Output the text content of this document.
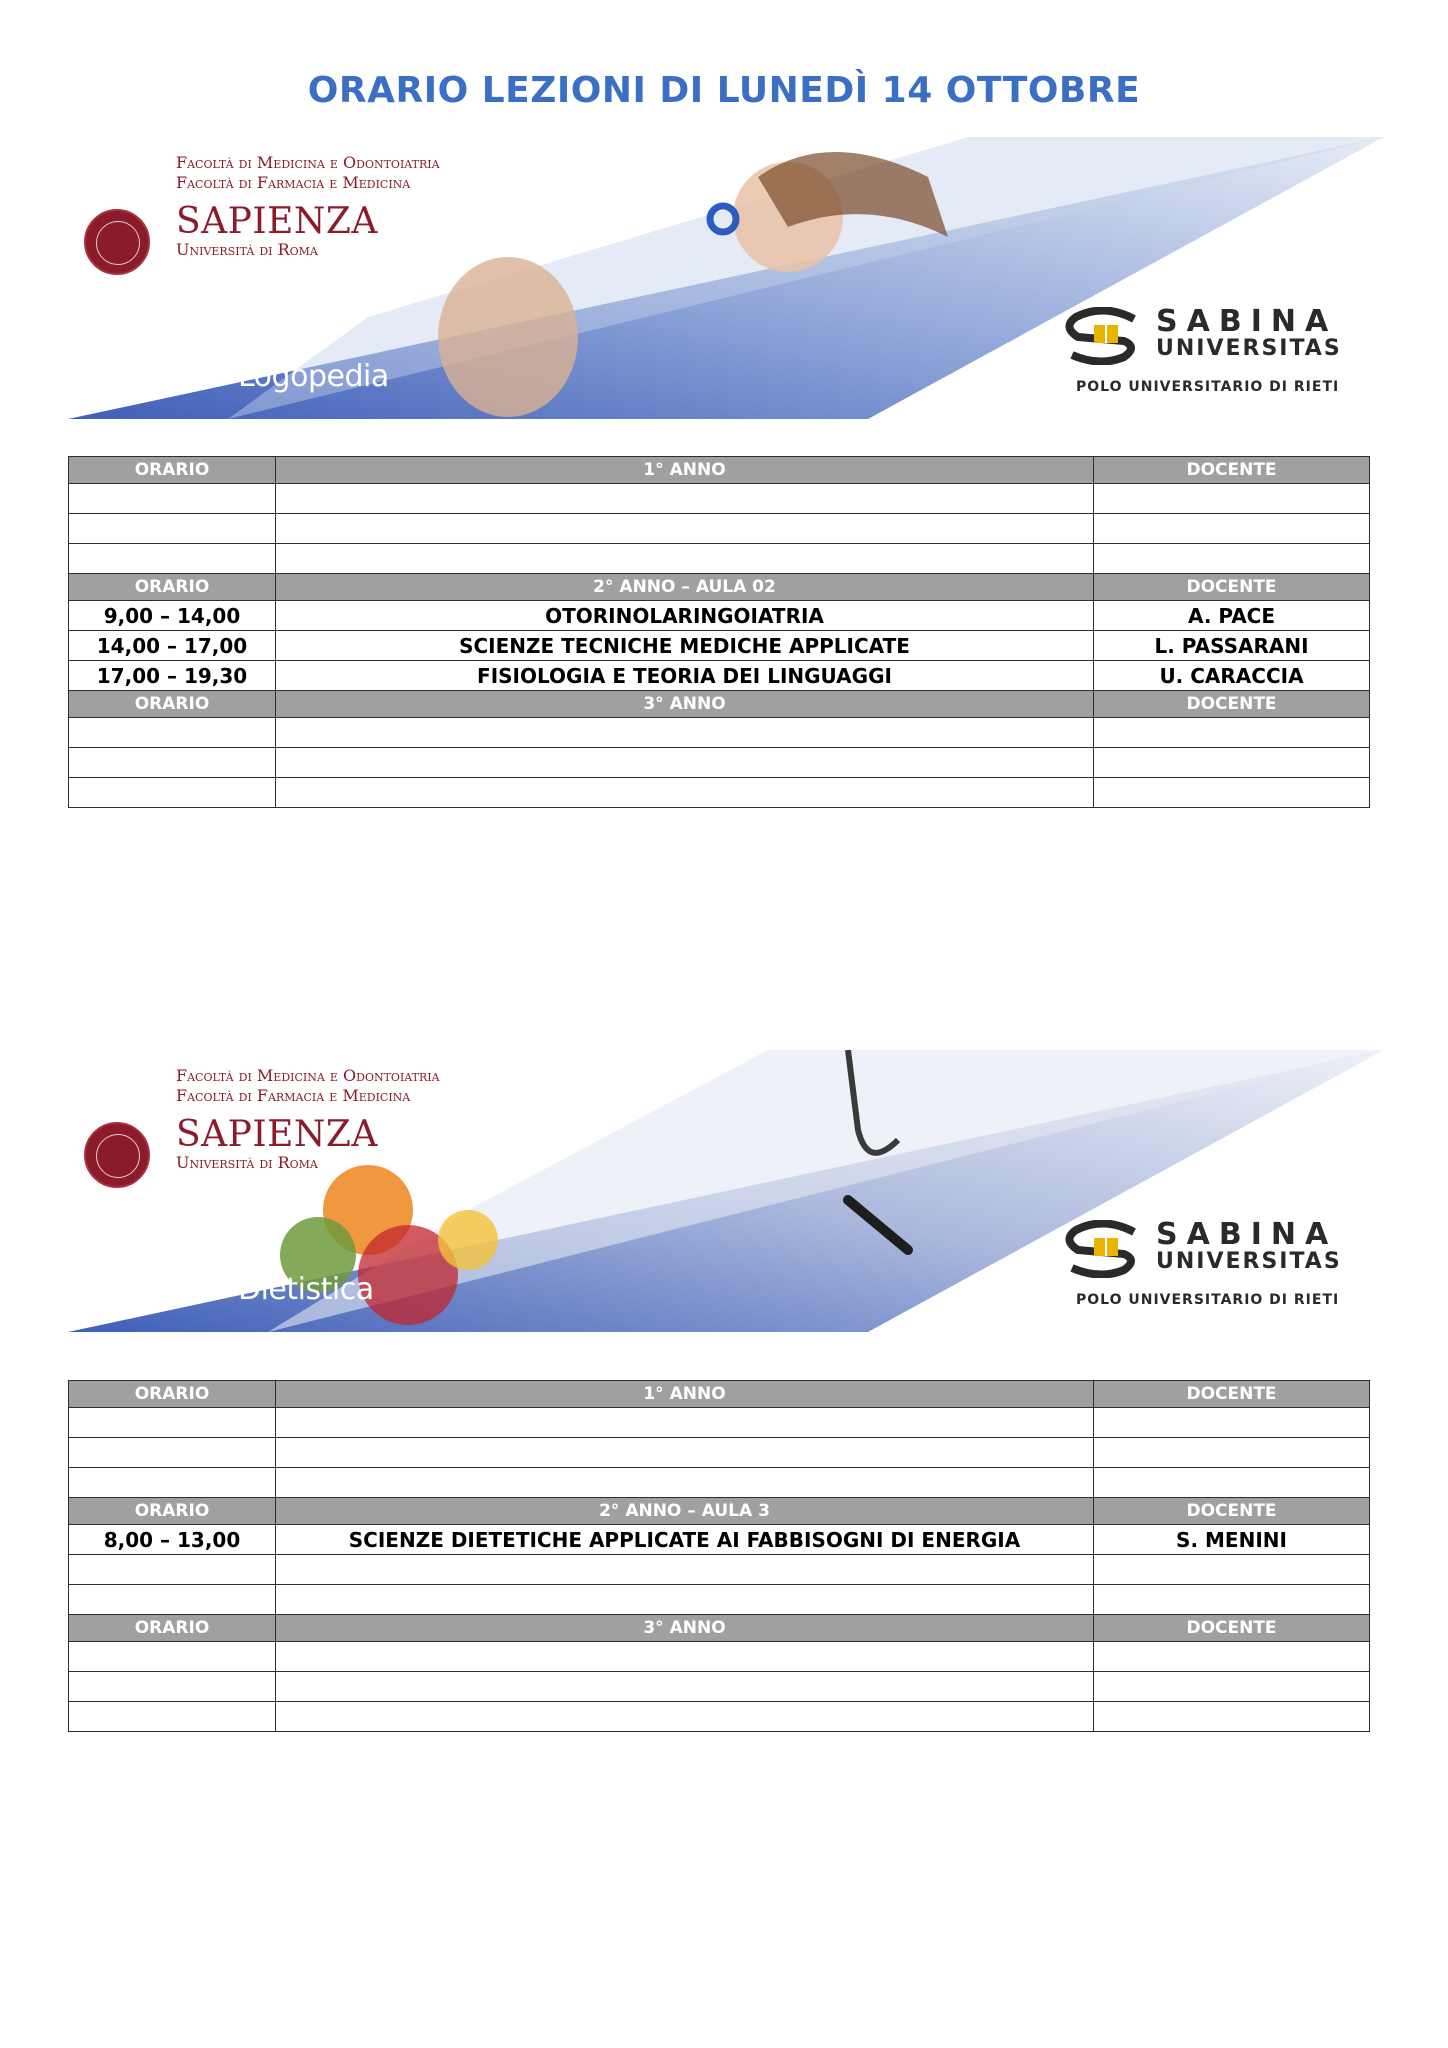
ORARIO LEZIONI DI LUNEDÌ 14 OTTOBRE
Facoltà di Medicina e Odontoiatria
Facoltà di Farmacia e Medicina
SAPIENZA
Università di Roma
Logopedia
SABINA
UNIVERSITAS
POLO UNIVERSITARIO DI RIETI
ORARIO	1° ANNO	DOCENTE

ORARIO	2° ANNO – AULA 02	DOCENTE
9,00 – 14,00	OTORINOLARINGOIATRIA	A. PACE
14,00 – 17,00	SCIENZE TECNICHE MEDICHE APPLICATE	L. PASSARANI
17,00 – 19,30	FISIOLOGIA E TEORIA DEI LINGUAGGI	U. CARACCIA
ORARIO	3° ANNO	DOCENTE

Facoltà di Medicina e Odontoiatria
Facoltà di Farmacia e Medicina
SAPIENZA
Università di Roma
Dietistica
SABINA
UNIVERSITAS
POLO UNIVERSITARIO DI RIETI
ORARIO	1° ANNO	DOCENTE

ORARIO	2° ANNO – AULA 3	DOCENTE
8,00 – 13,00	SCIENZE DIETETICHE APPLICATE AI FABBISOGNI DI ENERGIA	S. MENINI

ORARIO	3° ANNO	DOCENTE
